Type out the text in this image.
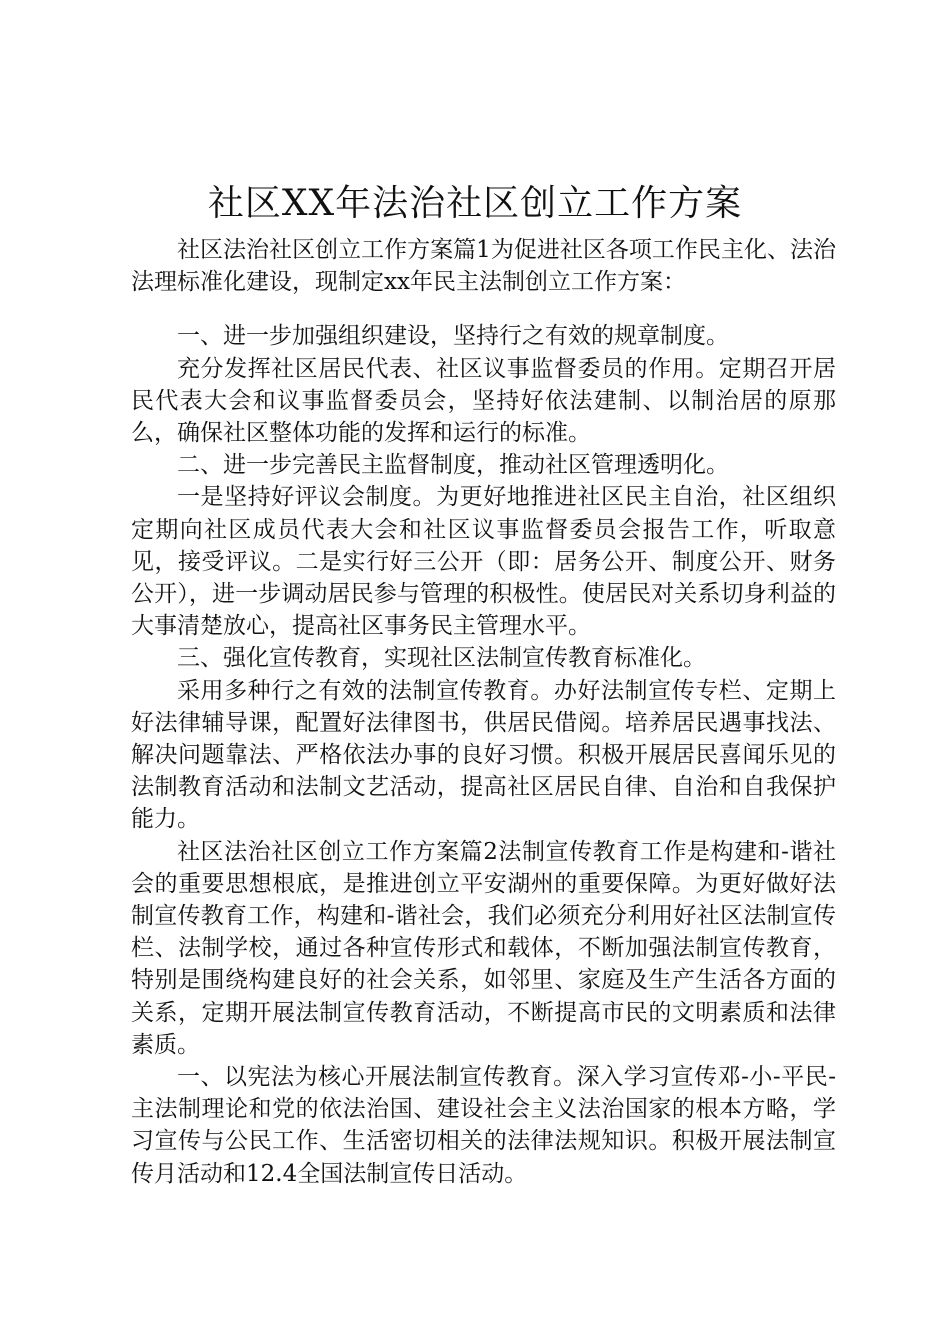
社区XX年法治社区创立工作方案

社区法治社区创立工作方案篇1为促进社区各项工作民主化、法治法理标准化建设，现制定xx年民主法制创立工作方案：

一、进一步加强组织建设，坚持行之有效的规章制度。

充分发挥社区居民代表、社区议事监督委员的作用。定期召开居民代表大会和议事监督委员会，坚持好依法建制、以制治居的原那么，确保社区整体功能的发挥和运行的标准。

二、进一步完善民主监督制度，推动社区管理透明化。

一是坚持好评议会制度。为更好地推进社区民主自治，社区组织定期向社区成员代表大会和社区议事监督委员会报告工作，听取意见，接受评议。二是实行好三公开（即：居务公开、制度公开、财务公开），进一步调动居民参与管理的积极性。使居民对关系切身利益的大事清楚放心，提高社区事务民主管理水平。

三、强化宣传教育，实现社区法制宣传教育标准化。

采用多种行之有效的法制宣传教育。办好法制宣传专栏、定期上好法律辅导课，配置好法律图书，供居民借阅。培养居民遇事找法、解决问题靠法、严格依法办事的良好习惯。积极开展居民喜闻乐见的法制教育活动和法制文艺活动，提高社区居民自律、自治和自我保护能力。

社区法治社区创立工作方案篇2法制宣传教育工作是构建和-谐社会的重要思想根底，是推进创立平安湖州的重要保障。为更好做好法制宣传教育工作，构建和-谐社会，我们必须充分利用好社区法制宣传栏、法制学校，通过各种宣传形式和载体，不断加强法制宣传教育，特别是围绕构建良好的社会关系，如邻里、家庭及生产生活各方面的关系，定期开展法制宣传教育活动，不断提高市民的文明素质和法律素质。

一、以宪法为核心开展法制宣传教育。深入学习宣传邓-小-平民-主法制理论和党的依法治国、建设社会主义法治国家的根本方略，学习宣传与公民工作、生活密切相关的法律法规知识。积极开展法制宣传月活动和12.4全国法制宣传日活动。
